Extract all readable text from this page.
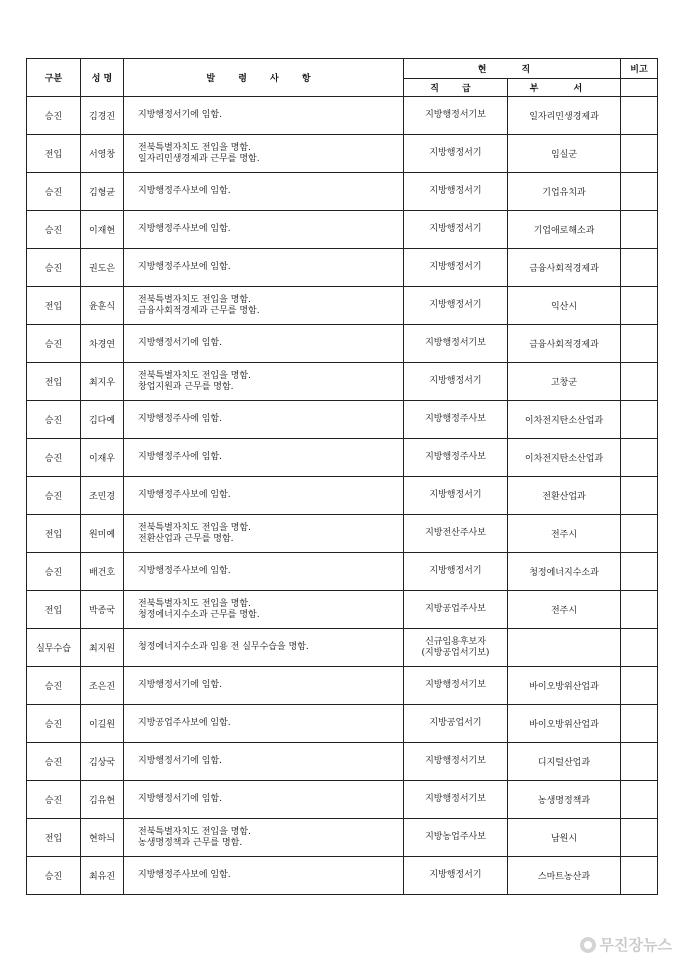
구분	성 명	발 령 사 항	현 직		비고
			직 급	부 서	
승진	김경진	지방행정서기에 임함.	지방행정서기보	일자리민생경제과	
전입	서영창	전북특별자치도 전입을 명함.
일자리민생경제과 근무를 명함.	지방행정서기	임실군	
승진	김형균	지방행정주사보에 임함.	지방행정서기	기업유치과	
승진	이재현	지방행정주사보에 임함.	지방행정서기	기업애로해소과	
승진	권도은	지방행정주사보에 임함.	지방행정서기	금융사회적경제과	
전입	윤훈식	전북특별자치도 전입을 명함.
금융사회적경제과 근무를 명함.	지방행정서기	익산시	
승진	차경연	지방행정서기에 임함.	지방행정서기보	금융사회적경제과	
전입	최지우	전북특별자치도 전입을 명함.
창업지원과 근무를 명함.	지방행정서기	고창군	
승진	김다예	지방행정주사에 임함.	지방행정주사보	이차전지탄소산업과	
승진	이재우	지방행정주사에 임함.	지방행정주사보	이차전지탄소산업과	
승진	조민경	지방행정주사보에 임함.	지방행정서기	전환산업과	
전입	원미예	전북특별자치도 전입을 명함.
전환산업과 근무를 명함.	지방전산주사보	전주시	
승진	배건호	지방행정주사보에 임함.	지방행정서기	청정에너지수소과	
전입	박종국	전북특별자치도 전입을 명함.
청정에너지수소과 근무를 명함.	지방공업주사보	전주시	
실무수습	최지원	청정에너지수소과 임용 전 실무수습을 명함.	신규임용후보자
(지방공업서기보)		

승진	조은진	지방행정서기에 임함.	지방행정서기보	바이오방위산업과	
승진	이길원	지방공업주사보에 임함.	지방공업서기	바이오방위산업과	
승진	김상국	지방행정서기에 임함.	지방행정서기보	디지털산업과	
승진	김유현	지방행정서기에 임함.	지방행정서기보	농생명정책과	
전입	현하늬	전북특별자치도 전입을 명함.
농생명정책과 근무를 명함.	지방농업주사보	남원시	
승진	최유진	지방행정주사보에 임함.	지방행정서기	스마트농산과	
무진장뉴스
